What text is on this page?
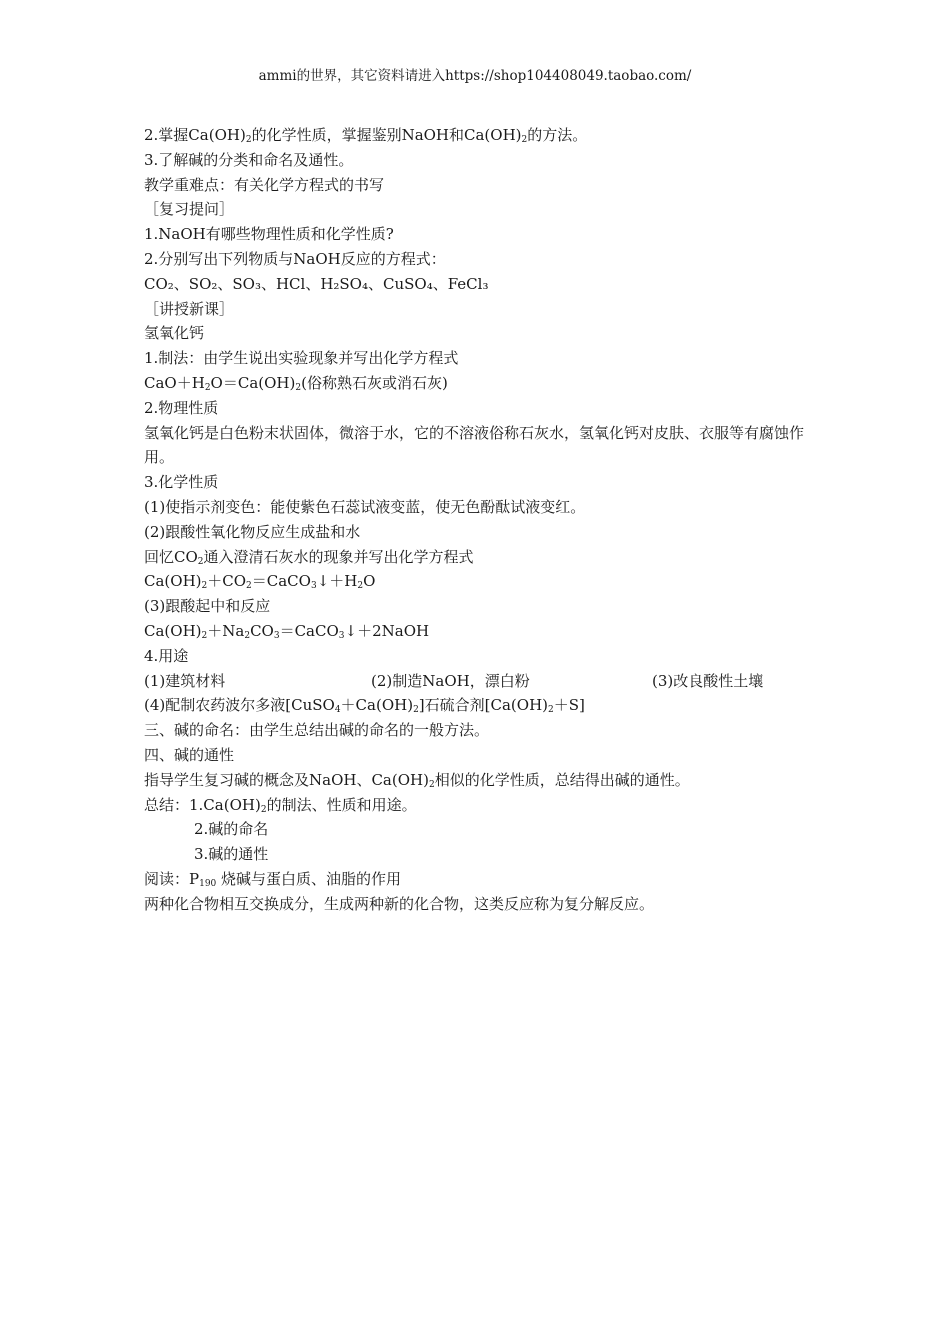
ammi的世界，其它资料请进入https://shop104408049.taobao.com/
2.掌握$Ca(OH)_2$的化学性质，掌握鉴别NaOH和$Ca(OH)_2$的方法。
3.了解碱的分类和命名及通性。
教学重难点：有关化学方程式的书写
［复习提问］
1.NaOH有哪些物理性质和化学性质?
2.分别写出下列物质与NaOH反应的方程式：
CO₂、SO₂、SO₃、HCl、H₂SO₄、CuSO₄、FeCl₃
［讲授新课］
氢氧化钙
1.制法：由学生说出实验现象并写出化学方程式
$CaO+H_2O=Ca(OH)_2$(俗称熟石灰或消石灰)
2.物理性质
氢氧化钙是白色粉末状固体，微溶于水，它的不溶液俗称石灰水，氢氧化钙对皮肤、衣服等有腐蚀作用。
3.化学性质
(1)使指示剂变色：能使紫色石蕊试液变蓝，使无色酚酞试液变红。
(2)跟酸性氧化物反应生成盐和水
回忆$CO_2$通入澄清石灰水的现象并写出化学方程式
$Ca(OH)_2+CO_2=CaCO_3↓+H_2O$
(3)跟酸起中和反应
$Ca(OH)_2+Na_2CO_3=CaCO_3↓+2NaOH$
4.用途
(1)建筑材料	(2)制造NaOH，漂白粉	(3)改良酸性土壤
(4)配制农药波尔多液$[CuSO_4+Ca(OH)_2]$石硫合剂$[Ca(OH)_2+S]$
三、碱的命名：由学生总结出碱的命名的一般方法。
四、碱的通性
指导学生复习碱的概念及NaOH、$Ca(OH)_2$相似的化学性质，总结得出碱的通性。
总结：$1.Ca(OH)_2$的制法、性质和用途。
2.碱的命名
3.碱的通性
阅读：$P_{190}$ 烧碱与蛋白质、油脂的作用
两种化合物相互交换成分，生成两种新的化合物，这类反应称为复分解反应。
